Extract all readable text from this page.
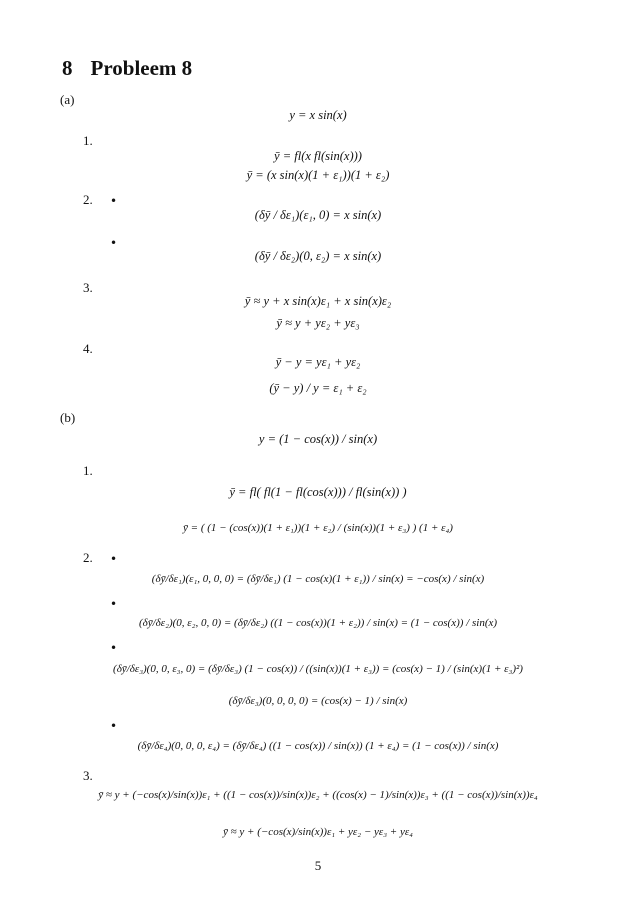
8 Probleem 8
(a)
y = x sin(x)
1.
ȳ = fl(x fl(sin(x)))
ȳ = (x sin(x)(1 + ε₁))(1 + ε₂)
2. •
(δȳ / δε₁)(ε₁, 0) = x sin(x)
•
(δȳ / δε₂)(0, ε₂) = x sin(x)
3.
ȳ ≈ y + x sin(x)ε₁ + x sin(x)ε₂
ȳ ≈ y + yε₂ + yε₃
4.
ȳ − y = yε₁ + yε₂
(ȳ − y) / y = ε₁ + ε₂
(b)
y = (1 − cos(x)) / sin(x)
1.
ȳ = fl( fl(1 − fl(cos(x))) / fl(sin(x)) )
ȳ = ( (1 − (cos(x))(1 + ε₁))(1 + ε₂) / (sin(x))(1 + ε₃) ) (1 + ε₄)
2. •
(δȳ/δε₁)(ε₁, 0, 0, 0) = (δȳ/δε₁) (1 − cos(x)(1 + ε₁)) / sin(x) = −cos(x) / sin(x)
•
(δȳ/δε₂)(0, ε₂, 0, 0) = (δȳ/δε₂) ((1 − cos(x))(1 + ε₂)) / sin(x) = (1 − cos(x)) / sin(x)
•
(δȳ/δε₃)(0, 0, ε₃, 0) = (δȳ/δε₃) (1 − cos(x)) / ((sin(x))(1 + ε₃)) = (cos(x) − 1) / (sin(x)(1 + ε₃)²)
(δȳ/δε₃)(0, 0, 0, 0) = (cos(x) − 1) / sin(x)
•
(δȳ/δε₄)(0, 0, 0, ε₄) = (δȳ/δε₄) ((1 − cos(x)) / sin(x)) (1 + ε₄) = (1 − cos(x)) / sin(x)
3.
ȳ ≈ y + (−cos(x)/sin(x))ε₁ + ((1 − cos(x))/sin(x))ε₂ + ((cos(x) − 1)/sin(x))ε₃ + ((1 − cos(x))/sin(x))ε₄
ȳ ≈ y + (−cos(x)/sin(x))ε₁ + yε₂ − yε₃ + yε₄
5
